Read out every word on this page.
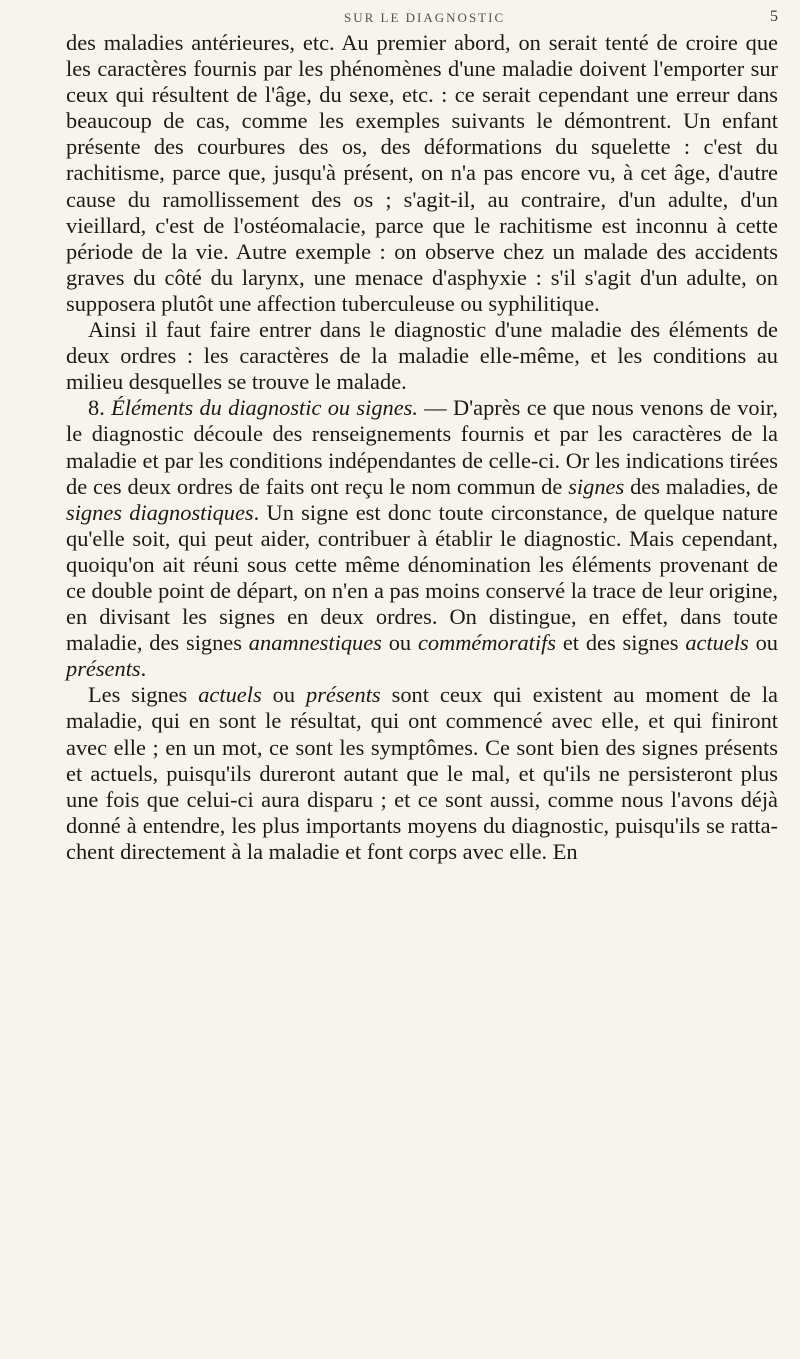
SUR LE DIAGNOSTIC	5

des maladies antérieures, etc. Au premier abord, on serait tenté de croire que les caractères fournis par les phénomènes d'une maladie doivent l'emporter sur ceux qui résultent de l'âge, du sexe, etc. : ce serait cependant une erreur dans beaucoup de cas, comme les exemples suivants le démontrent. Un enfant présente des courbures des os, des déformations du squelette : c'est du rachitisme, parce que, jusqu'à présent, on n'a pas encore vu, à cet âge, d'autre cause du ramollissement des os ; s'agit-il, au contraire, d'un adulte, d'un vieillard, c'est de l'ostéomalacie, parce que le rachitisme est inconnu à cette période de la vie. Autre exemple : on observe chez un malade des accidents graves du côté du larynx, une menace d'asphyxie : s'il s'agit d'un adulte, on supposera plutôt une affection tuberculeuse ou syphilitique.

Ainsi il faut faire entrer dans le diagnostic d'une maladie des éléments de deux ordres : les caractères de la maladie elle-même, et les conditions au milieu desquelles se trouve le malade.

8. Éléments du diagnostic ou signes. — D'après ce que nous venons de voir, le diagnostic découle des renseignements fournis et par les caractères de la maladie et par les conditions indépendantes de celle-ci. Or les indications tirées de ces deux ordres de faits ont reçu le nom commun de signes des maladies, de signes diagnostiques. Un signe est donc toute circonstance, de quelque nature qu'elle soit, qui peut aider, contribuer à établir le diagnostic. Mais cependant, quoiqu'on ait réuni sous cette même dénomination les éléments provenant de ce double point de départ, on n'en a pas moins conservé la trace de leur origine, en divisant les signes en deux ordres. On distingue, en effet, dans toute maladie, des signes anamnestiques ou commémoratifs et des signes actuels ou présents.

Les signes actuels ou présents sont ceux qui existent au moment de la maladie, qui en sont le résultat, qui ont commencé avec elle, et qui finiront avec elle ; en un mot, ce sont les symptômes. Ce sont bien des signes présents et actuels, puisqu'ils dureront autant que le mal, et qu'ils ne persisteront plus une fois que celui-ci aura disparu ; et ce sont aussi, comme nous l'avons déjà donné à entendre, les plus importants moyens du diagnostic, puisqu'ils se rattachent directement à la maladie et font corps avec elle. En
